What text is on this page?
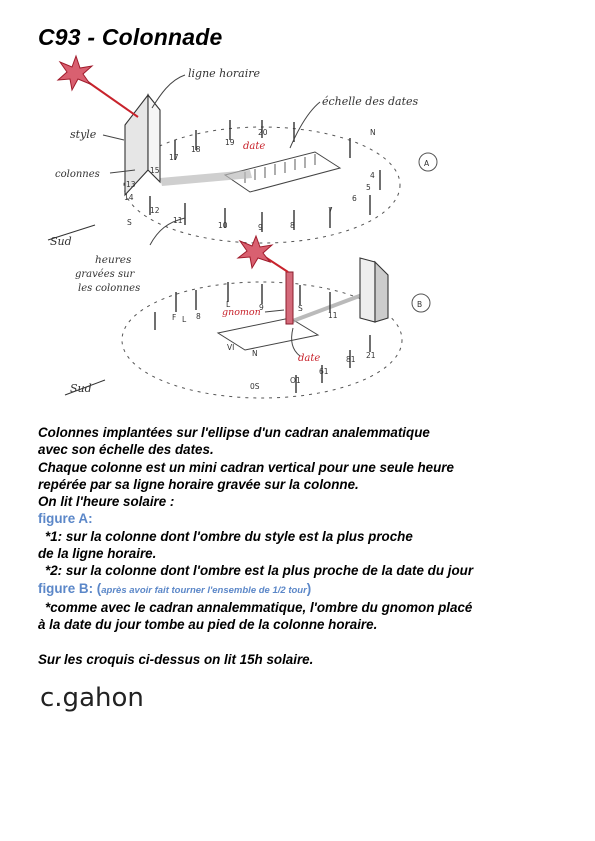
C93 - Colonnade
ligne horaire
échelle des dates
style
colonnes
date
Sud
heures
gravées sur
les colonnes
N
S
A
B
gnomon
date
Sud
17
18
19
20
13
14
15
12
11
10	9	8
7
6
5
4
F	8
L	9	S
11
21
81
61
0S
O1
N
VI
L
Colonnes implantées sur l'ellipse d'un cadran analemmatique
avec son échelle des dates.
Chaque colonne est un mini cadran vertical pour une seule heure
repérée par sa ligne horaire gravée sur la colonne.
On lit l'heure solaire :
figure A:
*1: sur la colonne dont l'ombre du style est la plus proche
de la ligne horaire.
*2: sur la colonne dont l'ombre est la plus proche de la date du jour
figure B: (après avoir fait tourner l'ensemble de 1/2 tour)
*comme avec le cadran annalemmatique, l'ombre du gnomon placé
à la date du jour tombe au pied de la colonne horaire.
Sur les croquis ci-dessus on lit 15h solaire.
c.gahon
